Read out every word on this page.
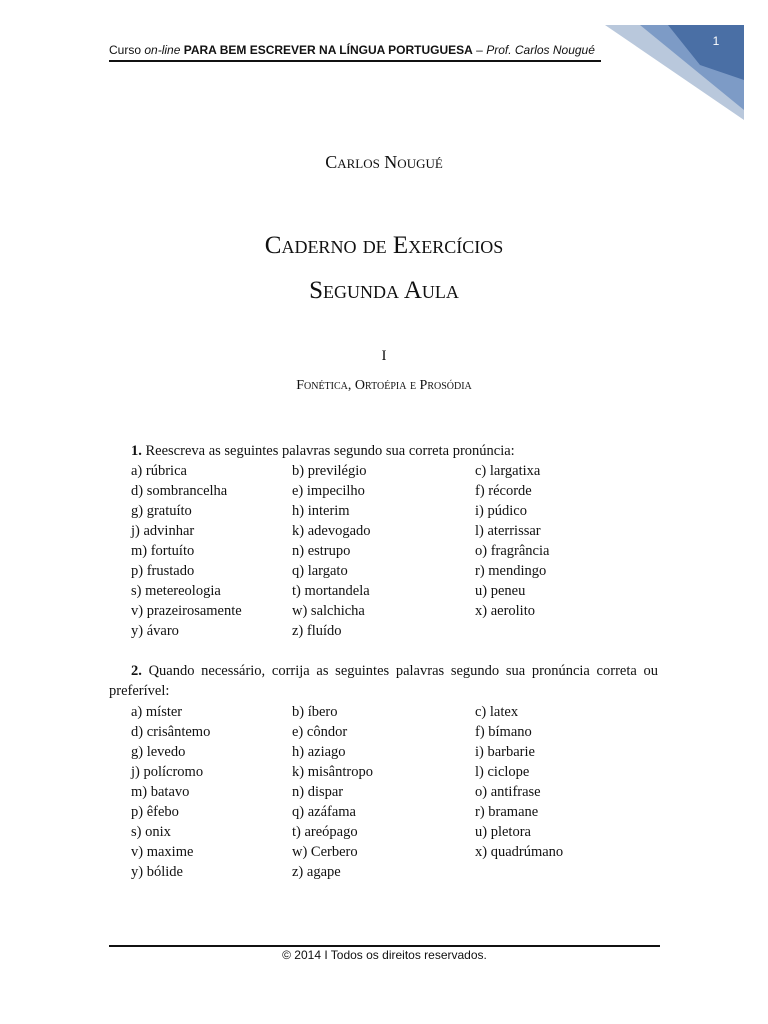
Curso on-line PARA BEM ESCREVER NA LÍNGUA PORTUGUESA – Prof. Carlos Nougué
1
Carlos Nougué
Caderno de Exercícios
Segunda Aula
I
Fonética, Ortoépia e Prosódia
1. Reescreva as seguintes palavras segundo sua correta pronúncia:
a) rúbrica	b) previlégio	c) largatixa
d) sombrancelha	e) impecilho	f) récorde
g) gratuíto	h) interim	i) púdico
j) advinhar	k) adevogado	l) aterrissar
m) fortuíto	n) estrupo	o) fragrância
p) frustado	q) largato	r) mendingo
s) metereologia	t) mortandela	u) peneu
v) prazeirosamente	w) salchicha	x) aerolito
y) ávaro	z) fluído
2. Quando necessário, corrija as seguintes palavras segundo sua pronúncia correta ou preferível:
a) míster	b) íbero	c) latex
d) crisântemo	e) côndor	f) bímano
g) levedo	h) aziago	i) barbarie
j) polícromo	k) misântropo	l) ciclope
m) batavo	n) dispar	o) antifrase
p) êfebo	q) azáfama	r) bramane
s) onix	t) areópago	u) pletora
v) maxime	w) Cerbero	x) quadrúmano
y) bólide	z) agape
© 2014 I Todos os direitos reservados.
